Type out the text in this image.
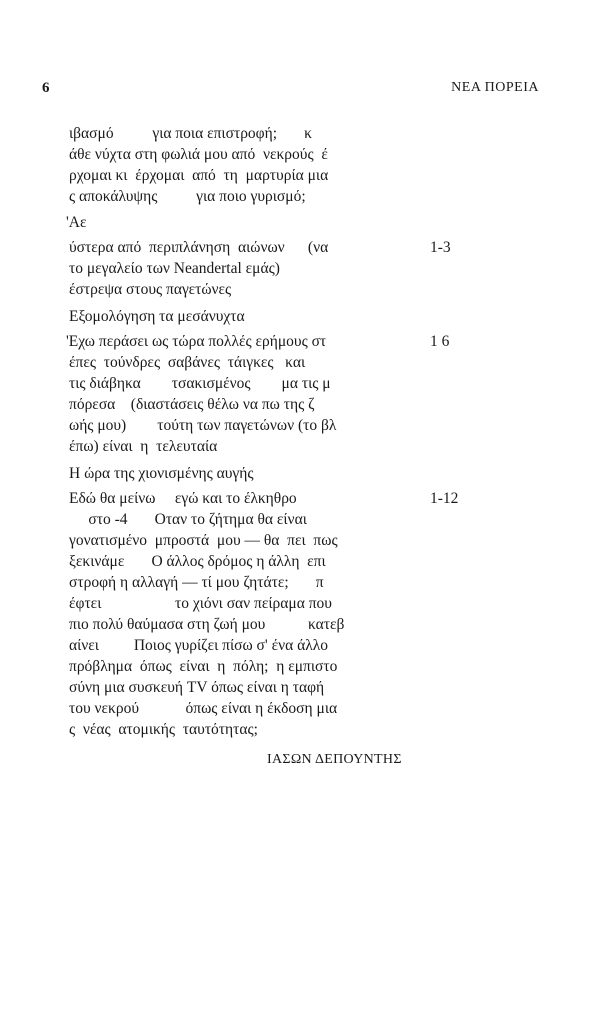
6	ΝΕΑ ΠΟΡΕΙΑ
ιβασμό          για ποια επιστροφή;       κ
άθε νύχτα στη φωλιά μου από  νεκρούς  έ
ρχομαι κι  έρχομαι  από  τη  μαρτυρία μια
ς αποκάλυψης          για ποιο γυρισμό;
'Αε
ύστερα από  περιπλάνηση  αιώνων      (να
το μεγαλείο των Neandertal εμάς)
έστρεψα στους παγετώνες
Εξομολόγηση τα μεσάνυχτα
'Εχω περάσει ως τώρα πολλές ερήμους στ
έπες  τούνδρες  σαβάνες  τάιγκες   και
τις διάβηκα        τσακισμένος        μα τις μ
πόρεσα    (διαστάσεις θέλω να πω της ζ
ωής μου)        τούτη των παγετώνων (το βλ
έπω) είναι  η  τελευταία
Η ώρα της χιονισμένης αυγής
Εδώ θα μείνω     εγώ και το έλκηθρο
στο -4       Οταν το ζήτημα θα είναι
γονατισμένο  μπροστά  μου — θα  πει  πως
ξεκινάμε       Ο άλλος δρόμος η άλλη  επι
στροφή η αλλαγή — τί μου ζητάτε;       π
έφτει                   το χιόνι σαν πείραμα που
πιο πολύ θαύμασα στη ζωή μου           κατεβ
αίνει         Ποιος γυρίζει πίσω σ' ένα άλλο
πρόβλημα  όπως  είναι  η  πόλη;  η εμπιστο
σύνη μια συσκευή TV όπως είναι η ταφή
του νεκρού            όπως είναι η έκδοση μια
ς  νέας  ατομικής  ταυτότητας;
1-3
1 6
1-12
ΙΑΣΩΝ ΔΕΠΟΥΝΤΗΣ
